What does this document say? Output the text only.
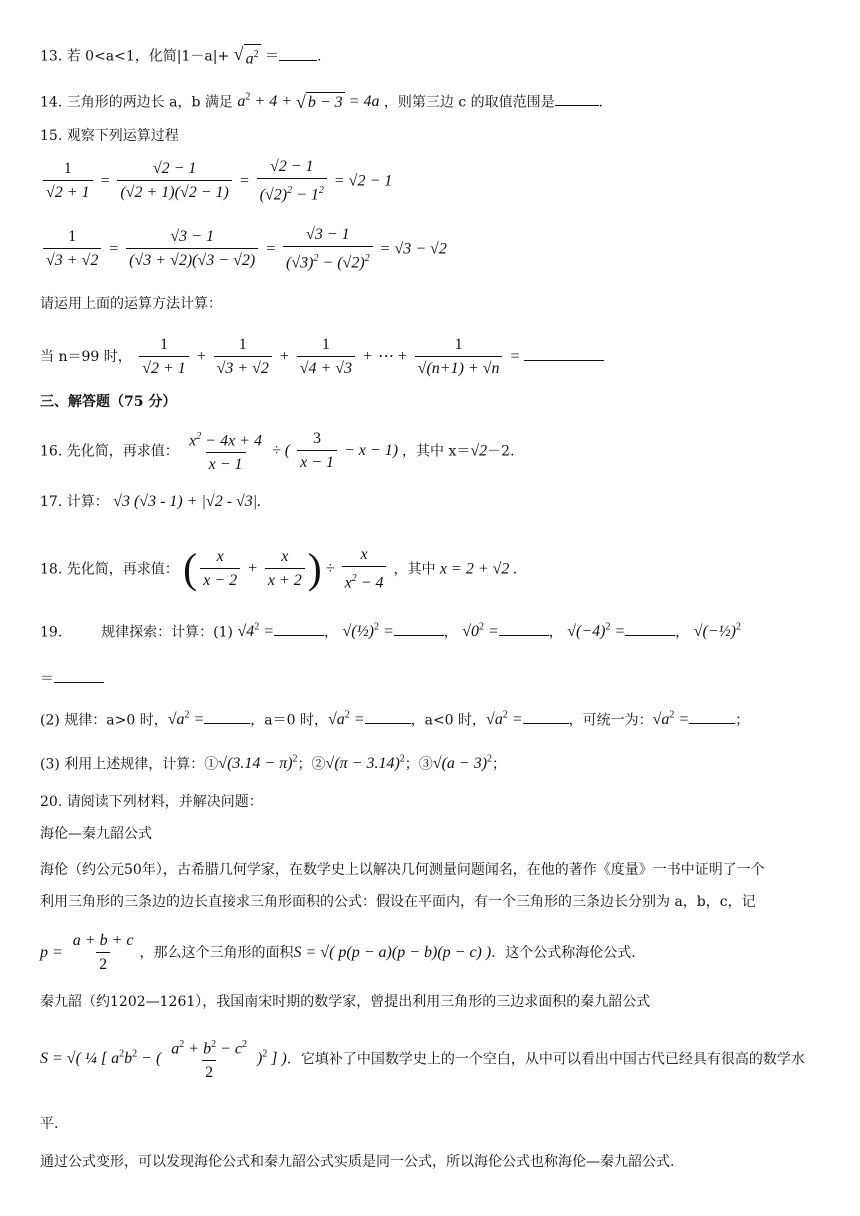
13. 若 0<a<1，化简|1－a|+ √ $a^2$ ＝	.
14. 三角形的两边长 a，b 满足 $a^2 + 4$ + √ b − 3 = 4a ，则第三边 c 的取值范围是	.
15. 观察下列运算过程
$\frac{1}{√2 + 1} = \frac{√2 - 1}{(√2 + 1)(√2 - 1)} = \frac{√2 - 1}{(√2)^2 - 1^2} = √2 - 1$
$\frac{1}{√3 + √2} = \frac{√3 - 1}{(√3 + √2)(√3 - √2)} = \frac{√3 - 1}{(√3)^2 - (√2)^2} = √3 - √2$
请运用上面的运算方法计算：
当 n＝99 时， $\frac{1}{√2 + 1} + \frac{1}{√3 + √2} + \frac{1}{√4 + √3}$ + ⋯ + $\frac{1}{√(n+1) + √n}$ =
三、解答题（75 分）
16. 先化简，再求值： $\frac{x^2 - 4x + 4}{x - 1}$ ÷ ( $\frac{3}{x - 1} - x - 1$) ，其中 x＝√2－2.
17. 计算： √3 (√3 - 1) + |√2 - √3|.
18. 先化简，再求值： ( $\frac{x}{x - 2} + \frac{x}{x + 2}$ ) ÷ $\frac{x}{x^2 - 4}$ ，其中 x = 2 + √2 .
19.	规律探索：计算：(1) $√4^2$ =	， √(½)$^2$ =	， $√0^2$ =	， $√(-4)^2$ =	， √(−½)$^2$
＝
(2) 规律：a>0 时，$√a^2$ =	，a＝0 时，$√a^2$ =	，a<0 时，$√a^2$ =	，可统一为：$√a^2$ =	；
(3) 利用上述规律，计算：①√(3.14 − π)$^2$；②√(π − 3.14)$^2$；③√(a − 3)$^2$；
20. 请阅读下列材料，并解决问题：
海伦—秦九韶公式
海伦（约公元50年），古希腊几何学家，在数学史上以解决几何测量问题闻名，在他的著作《度量》一书中证明了一个
利用三角形的三条边的边长直接求三角形面积的公式：假设在平面内，有一个三角形的三条边长分别为 a，b，c，记
$p = \frac{a + b + c}{2}$ ，那么这个三角形的面积S = √( p(p − a)(p − b)(p − c) )．这个公式称海伦公式.
秦九韶（约1202—1261），我国南宋时期的数学家，曾提出利用三角形的三边求面积的秦九韶公式
S = √( ¼ [ $a^2b^2$ − ( $\frac{a^2 + b^2 - c^2}{2} )^2$ ] )．它填补了中国数学史上的一个空白，从中可以看出中国古代已经具有很高的数学水
平.
通过公式变形，可以发现海伦公式和秦九韶公式实质是同一公式，所以海伦公式也称海伦—秦九韶公式.
